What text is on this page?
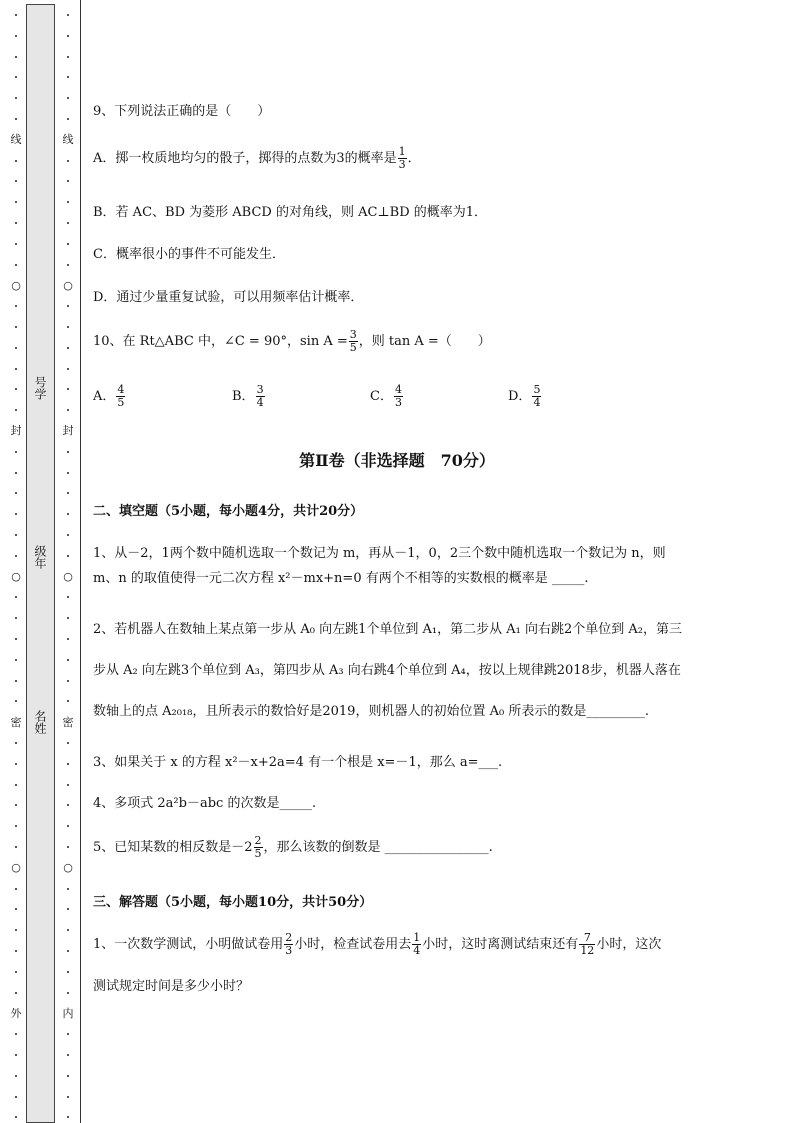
线
○
封
○
密
○
外
线
○
封
○
密
○
内
号学
级年
名姓
9、下列说法正确的是（　　）
A．掷一枚质地均匀的骰子，掷得的点数为3的概率是 $\frac{1}{3}$ ．
B．若 AC、BD 为菱形 ABCD 的对角线，则 AC⊥BD 的概率为1．
C．概率很小的事件不可能发生．
D．通过少量重复试验，可以用频率估计概率．
10、在 Rt△ABC 中，∠C = 90°，$\sin A = \frac{3}{5}$ ，则 tan A =（　　）
A． $\frac{4}{5}$	B． $\frac{3}{4}$	C． $\frac{4}{3}$	D． $\frac{5}{4}$
第Ⅱ卷（非选择题　70分）
二、填空题（5小题，每小题4分，共计20分）
1、从－2，1两个数中随机选取一个数记为 m，再从－1，0，2三个数中随机选取一个数记为 n，则
m、n 的取值使得一元二次方程 x²－mx+n=0 有两个不相等的实数根的概率是 _____.
2、若机器人在数轴上某点第一步从 A₀ 向左跳1个单位到 A₁，第二步从 A₁ 向右跳2个单位到 A₂，第三
步从 A₂ 向左跳3个单位到 A₃，第四步从 A₃ 向右跳4个单位到 A₄，按以上规律跳2018步，机器人落在
数轴上的点 A₂₀₁₈，且所表示的数恰好是2019，则机器人的初始位置 A₀ 所表示的数是_________.
3、如果关于 x 的方程 x²－x+2a=4 有一个根是 x=－1，那么 a=___.
4、多项式 2a²b－abc 的次数是_____.
5、已知某数的相反数是$-2 \frac{2}{5}$ ，那么该数的倒数是 ________________.
三、解答题（5小题，每小题10分，共计50分）
1、一次数学测试，小明做试卷用 $\frac{2}{3}$ 小时，检查试卷用去 $\frac{1}{4}$ 小时，这时离测试结束还有 $\frac{7}{12}$ 小时，这次
测试规定时间是多少小时？
